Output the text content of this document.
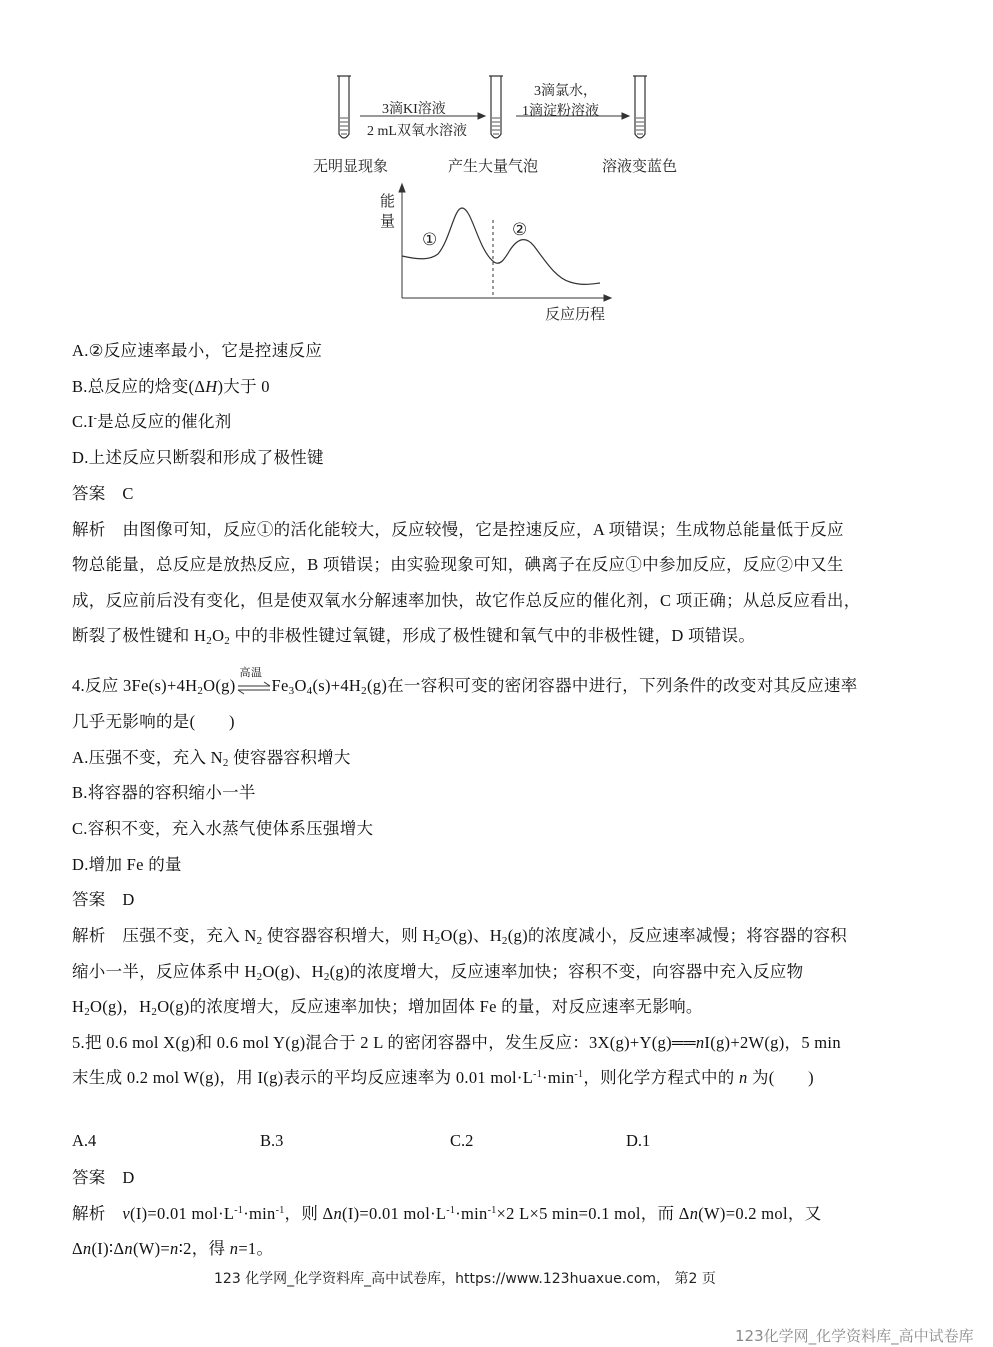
3滴KI溶液
2 mL双氧水溶液
3滴氯水，
1滴淀粉溶液
无明显现象	产生大量气泡	溶液变蓝色
能
量
①
②
反应历程
A.②反应速率最小，它是控速反应
B.总反应的焓变(ΔH)大于 0
C.I-是总反应的催化剂
D.上述反应只断裂和形成了极性键
答案  C
解析  由图像可知，反应①的活化能较大，反应较慢，它是控速反应，A 项错误；生成物总能量低于反应
物总能量，总反应是放热反应，B 项错误；由实验现象可知，碘离子在反应①中参加反应，反应②中又生
成，反应前后没有变化，但是使双氧水分解速率加快，故它作总反应的催化剂，C 项正确；从总反应看出，
断裂了极性键和 $H_2O_2$ 中的非极性键过氧键，形成了极性键和氧气中的非极性键，D 项错误。
4.反应 $3Fe(s)+4H_2O(g)$
高温
$Fe_3O_4(s)+4H_2(g)$在一容积可变的密闭容器中进行，下列条件的改变对其反应速率
几乎无影响的是(　　)
A.压强不变，充入 $N_2$ 使容器容积增大
B.将容器的容积缩小一半
C.容积不变，充入水蒸气使体系压强增大
D.增加 Fe 的量
答案  D
解析 压强不变，充入 $N_2$ 使容器容积增大，则 $H_2O(g)$、$H_2(g)$的浓度减小，反应速率减慢；将容器的容积
缩小一半，反应体系中 $H_2O(g)$、$H_2(g)$的浓度增大，反应速率加快；容积不变，向容器中充入反应物
$H_2O(g)$，$H_2O(g)$的浓度增大，反应速率加快；增加固体 Fe 的量，对反应速率无影响。
5.把 0.6 mol X(g)和 0.6 mol Y(g)混合于 2 L 的密闭容器中，发生反应：3X(g)+Y(g)══nI(g)+2W(g)，5 min
末生成 0.2 mol W(g)，用 I(g)表示的平均反应速率为 0.01 $mol\cdot L^{-1}\cdot\min^{-1}$，则化学方程式中的 n 为(　　)
A.4	B.3	C.2	D.1
答案  D
解析  v(I)=0.01 $mol\cdot L^{-1}\cdot\min^{-1}$，则 Δn(I)=0.01 $mol\cdot L^{-1}\cdot\min^{-1}\times 2$ L×5 min=0.1 mol，而 Δn(W)=0.2 mol，又
Δn(I)∶Δn(W)=n∶2，得 n=1。
123 化学网_化学资料库_高中试卷库，https://www.123huaxue.com， 第2 页
123化学网_化学资料库_高中试卷库
